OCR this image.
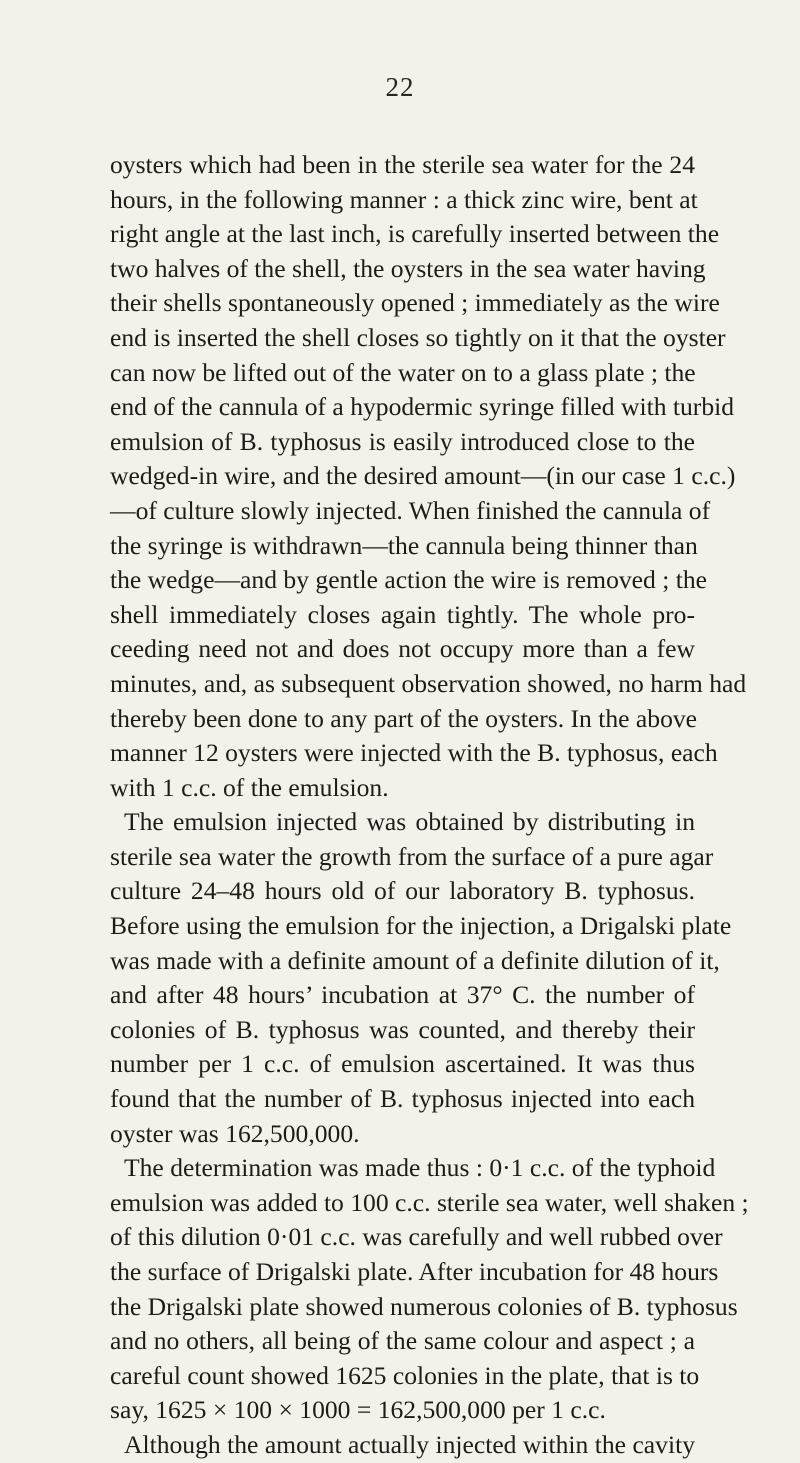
22

oysters which had been in the sterile sea water for the 24
hours, in the following manner : a thick zinc wire, bent at
right angle at the last inch, is carefully inserted between the
two halves of the shell, the oysters in the sea water having
their shells spontaneously opened ; immediately as the wire
end is inserted the shell closes so tightly on it that the oyster
can now be lifted out of the water on to a glass plate ; the
end of the cannula of a hypodermic syringe filled with turbid
emulsion of B. typhosus is easily introduced close to the
wedged-in wire, and the desired amount—(in our case 1 c.c.)
—of culture slowly injected. When finished the cannula of
the syringe is withdrawn—the cannula being thinner than
the wedge—and by gentle action the wire is removed ; the
shell immediately closes again tightly. The whole pro-
ceeding need not and does not occupy more than a few
minutes, and, as subsequent observation showed, no harm had
thereby been done to any part of the oysters. In the above
manner 12 oysters were injected with the B. typhosus, each
with 1 c.c. of the emulsion.

The emulsion injected was obtained by distributing in
sterile sea water the growth from the surface of a pure agar
culture 24–48 hours old of our laboratory B. typhosus.
Before using the emulsion for the injection, a Drigalski plate
was made with a definite amount of a definite dilution of it,
and after 48 hours’ incubation at 37° C. the number of
colonies of B. typhosus was counted, and thereby their
number per 1 c.c. of emulsion ascertained. It was thus
found that the number of B. typhosus injected into each
oyster was 162,500,000.

The determination was made thus : 0·1 c.c. of the typhoid
emulsion was added to 100 c.c. sterile sea water, well shaken ;
of this dilution 0·01 c.c. was carefully and well rubbed over
the surface of Drigalski plate. After incubation for 48 hours
the Drigalski plate showed numerous colonies of B. typhosus
and no others, all being of the same colour and aspect ; a
careful count showed 1625 colonies in the plate, that is to
say, 1625 × 100 × 1000 = 162,500,000 per 1 c.c.

Although the amount actually injected within the cavity
